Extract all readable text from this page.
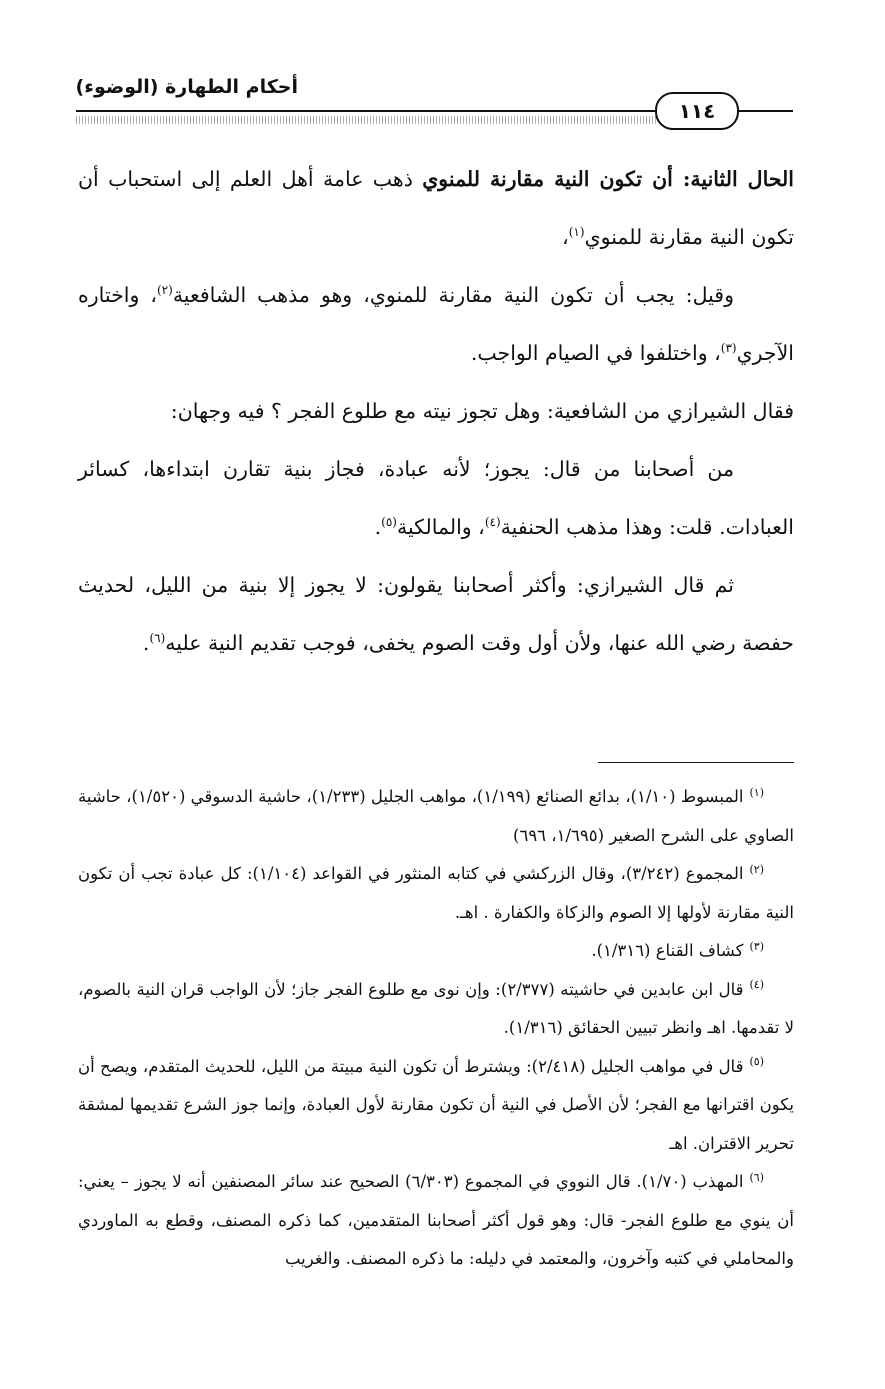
أحكام الطهارة (الوضوء)
١١٤

الحال الثانية: أن تكون النية مقارنة للمنوي ذهب عامة أهل العلم إلى استحباب أن تكون النية مقارنة للمنوي$^{(١)}$،

وقيل: يجب أن تكون النية مقارنة للمنوي، وهو مذهب الشافعية$^{(٢)}$، واختاره الآجري$^{(٣)}$، واختلفوا في الصيام الواجب.

فقال الشيرازي من الشافعية: وهل تجوز نيته مع طلوع الفجر ؟ فيه وجهان:

من أصحابنا من قال: يجوز؛ لأنه عبادة، فجاز بنية تقارن ابتداءها، كسائر العبادات. قلت: وهذا مذهب الحنفية$^{(٤)}$، والمالكية$^{(٥)}$.

ثم قال الشيرازي: وأكثر أصحابنا يقولون: لا يجوز إلا بنية من الليل، لحديث حفصة رضي الله عنها، ولأن أول وقت الصوم يخفى، فوجب تقديم النية عليه$^{(٦)}$.

$^{(١)}$المبسوط (١/١٠)، بدائع الصنائع (١/١٩٩)، مواهب الجليل (١/٢٣٣)، حاشية الدسوقي (١/٥٢٠)، حاشية الصاوي على الشرح الصغير (١/٦٩٥، ٦٩٦)

$^{(٢)}$المجموع (٣/٢٤٢)، وقال الزركشي في كتابه المنثور في القواعد (١/١٠٤): كل عبادة تجب أن تكون النية مقارنة لأولها إلا الصوم والزكاة والكفارة . اهـ.

$^{(٣)}$كشاف القناع (١/٣١٦).

$^{(٤)}$قال ابن عابدين في حاشيته (٢/٣٧٧): وإن نوى مع طلوع الفجر جاز؛ لأن الواجب قران النية بالصوم، لا تقدمها. اهـ وانظر تبيين الحقائق (١/٣١٦).

$^{(٥)}$قال في مواهب الجليل (٢/٤١٨): ويشترط أن تكون النية مبيتة من الليل، للحديث المتقدم، ويصح أن يكون اقترانها مع الفجر؛ لأن الأصل في النية أن تكون مقارنة لأول العبادة، وإنما جوز الشرع تقديمها لمشقة تحرير الاقتران. اهـ

$^{(٦)}$المهذب (١/٧٠). قال النووي في المجموع (٦/٣٠٣) الصحيح عند سائر المصنفين أنه لا يجوز – يعني: أن ينوي مع طلوع الفجر- قال: وهو قول أكثر أصحابنا المتقدمين، كما ذكره المصنف، وقطع به الماوردي والمحاملي في كتبه وآخرون، والمعتمد في دليله: ما ذكره المصنف. والغريب
